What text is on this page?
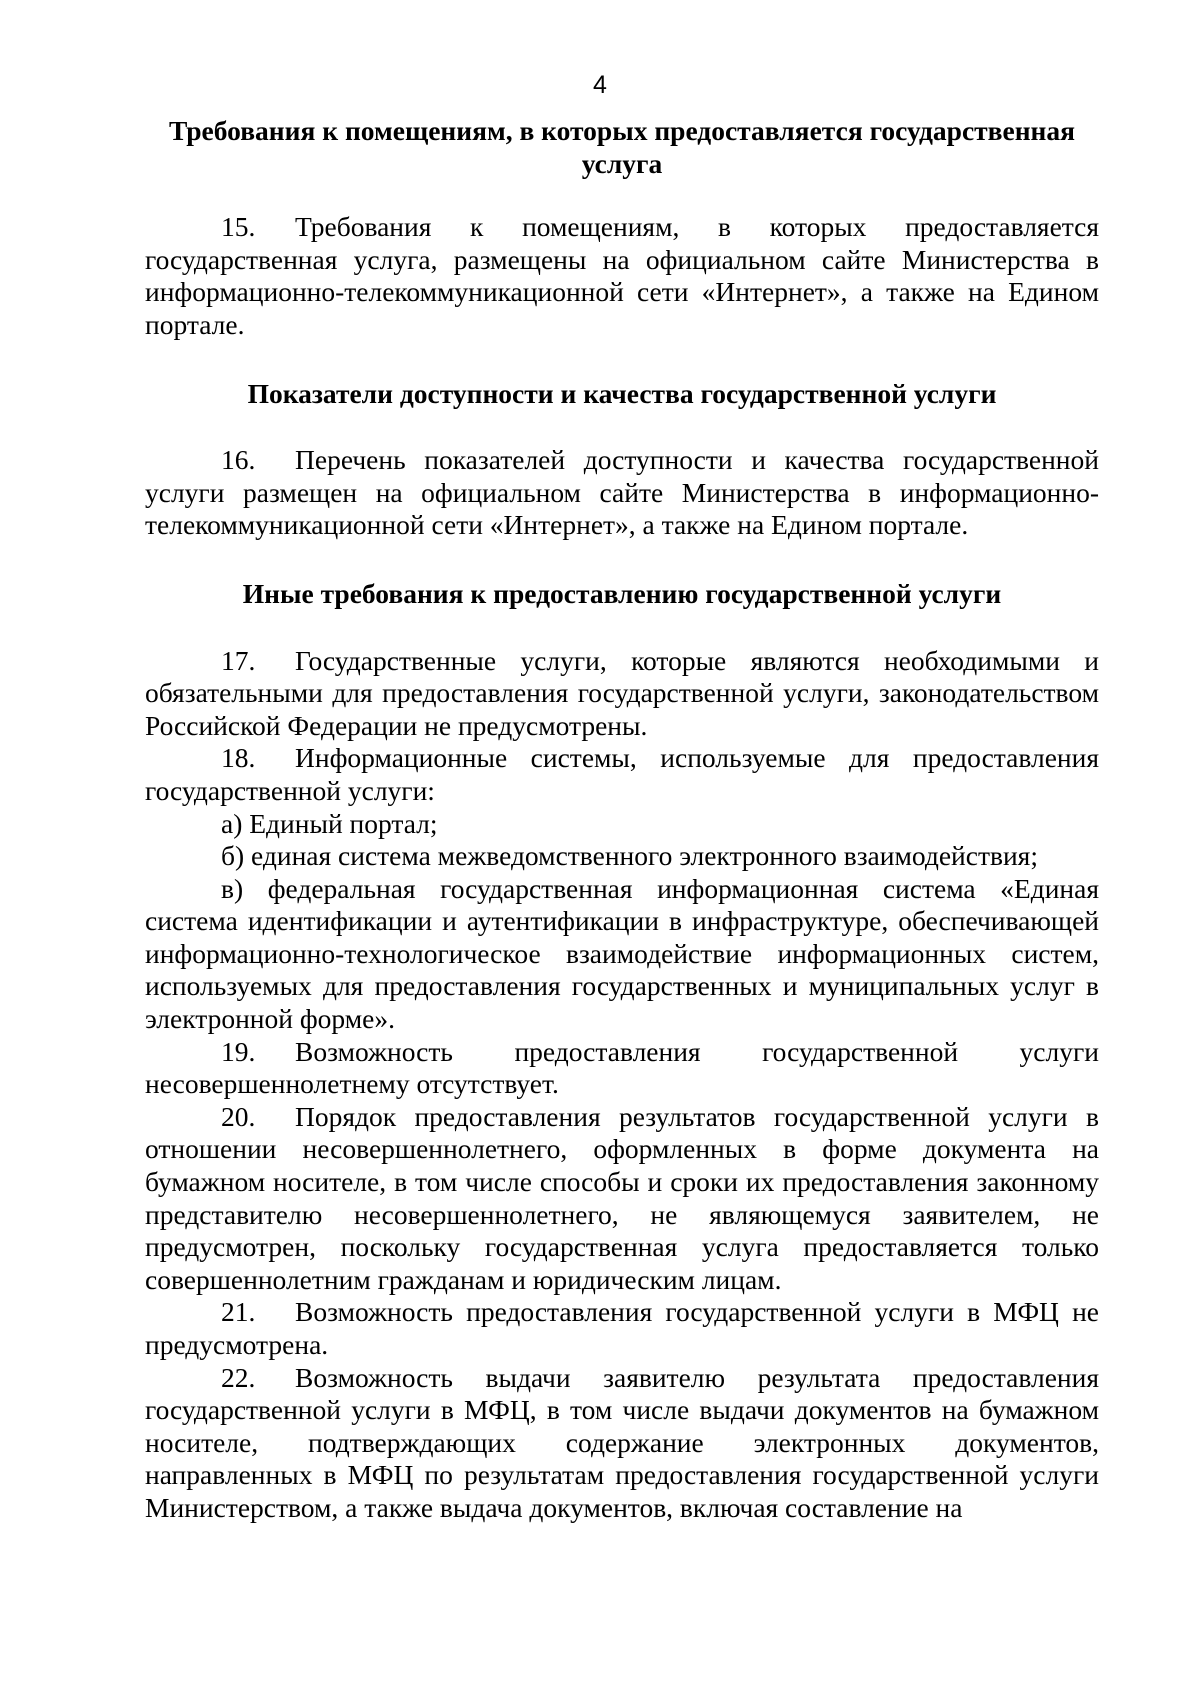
4

Требования к помещениям, в которых предоставляется государственная услуга

15. Требования к помещениям, в которых предоставляется государственная услуга, размещены на официальном сайте Министерства в информационно-телекоммуникационной сети «Интернет», а также на Едином портале.

Показатели доступности и качества государственной услуги

16. Перечень показателей доступности и качества государственной услуги размещен на официальном сайте Министерства в информационно-телекоммуникационной сети «Интернет», а также на Едином портале.

Иные требования к предоставлению государственной услуги

17. Государственные услуги, которые являются необходимыми и обязательными для предоставления государственной услуги, законодательством Российской Федерации не предусмотрены.

18. Информационные системы, используемые для предоставления государственной услуги:

а) Единый портал;

б) единая система межведомственного электронного взаимодействия;

в) федеральная государственная информационная система «Единая система идентификации и аутентификации в инфраструктуре, обеспечивающей информационно-технологическое взаимодействие информационных систем, используемых для предоставления государственных и муниципальных услуг в электронной форме».

19. Возможность предоставления государственной услуги несовершеннолетнему отсутствует.

20. Порядок предоставления результатов государственной услуги в отношении несовершеннолетнего, оформленных в форме документа на бумажном носителе, в том числе способы и сроки их предоставления законному представителю несовершеннолетнего, не являющемуся заявителем, не предусмотрен, поскольку государственная услуга предоставляется только совершеннолетним гражданам и юридическим лицам.

21. Возможность предоставления государственной услуги в МФЦ не предусмотрена.

22. Возможность выдачи заявителю результата предоставления государственной услуги в МФЦ, в том числе выдачи документов на бумажном носителе, подтверждающих содержание электронных документов, направленных в МФЦ по результатам предоставления государственной услуги Министерством, а также выдача документов, включая составление на
